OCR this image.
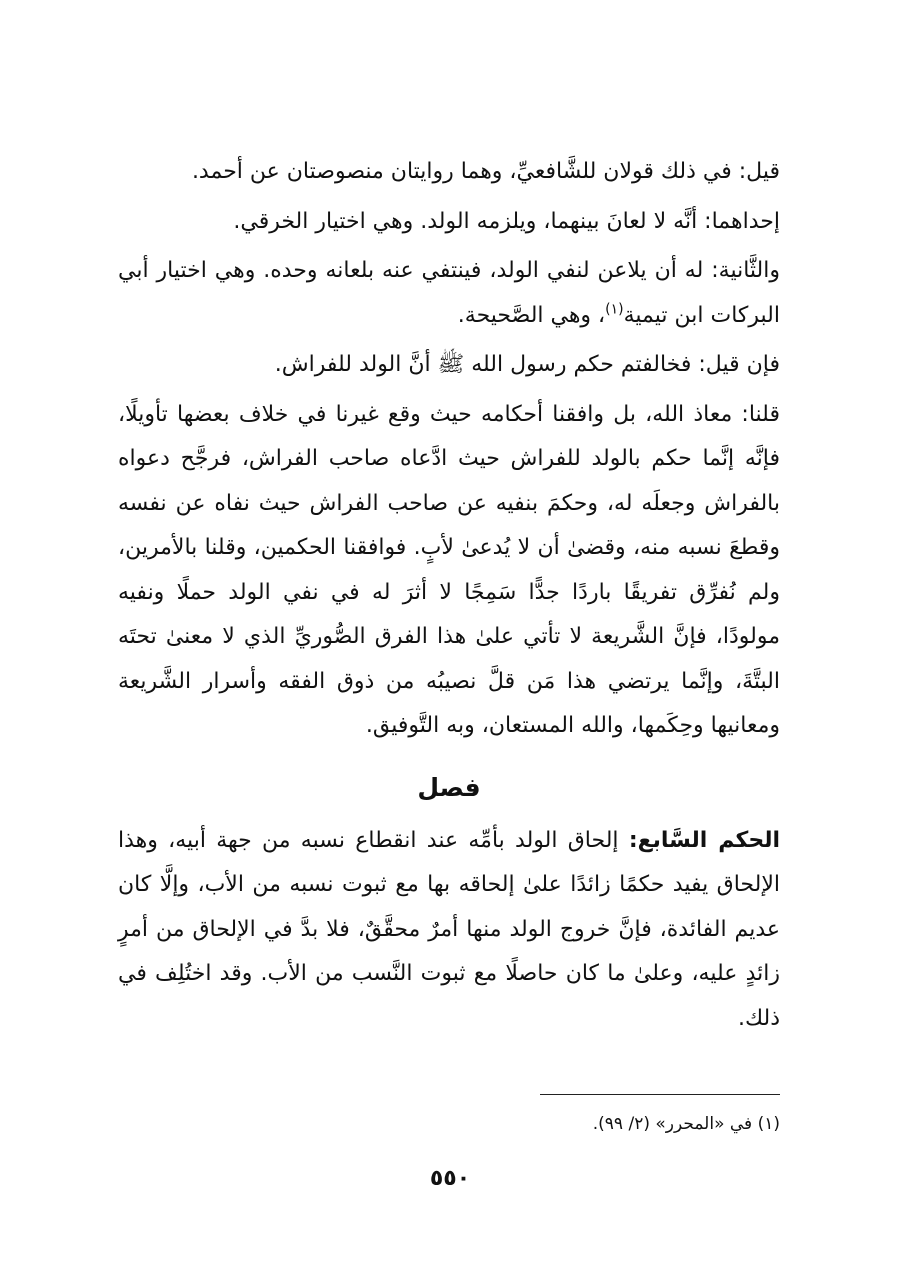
قيل: في ذلك قولان للشَّافعيِّ، وهما روايتان منصوصتان عن أحمد.

إحداهما: أنَّه لا لعانَ بينهما، ويلزمه الولد. وهي اختيار الخرقي.

والثَّانية: له أن يلاعن لنفي الولد، فينتفي عنه بلعانه وحده. وهي اختيار أبي البركات ابن تيمية$^{(١)}$، وهي الصَّحيحة.

فإن قيل: فخالفتم حكم رسول الله ﷺ أنَّ الولد للفراش.

قلنا: معاذ الله، بل وافقنا أحكامه حيث وقع غيرنا في خلاف بعضها تأويلًا، فإنَّه إنَّما حكم بالولد للفراش حيث ادَّعاه صاحب الفراش، فرجَّح دعواه بالفراش وجعلَه له، وحكمَ بنفيه عن صاحب الفراش حيث نفاه عن نفسه وقطعَ نسبه منه، وقضىٰ أن لا يُدعىٰ لأبٍ. فوافقنا الحكمين، وقلنا بالأمرين، ولم نُفرِّق تفريقًا باردًا جدًّا سَمِجًا لا أثرَ له في نفي الولد حملًا ونفيه مولودًا، فإنَّ الشَّريعة لا تأتي علىٰ هذا الفرق الصُّوريِّ الذي لا معنىٰ تحتَه البتَّةَ، وإنَّما يرتضي هذا مَن قلَّ نصيبُه من ذوق الفقه وأسرار الشَّريعة ومعانيها وحِكَمها، والله المستعان، وبه التَّوفيق.

فصل

الحكم السَّابع: إلحاق الولد بأمِّه عند انقطاع نسبه من جهة أبيه، وهذا الإلحاق يفيد حكمًا زائدًا علىٰ إلحاقه بها مع ثبوت نسبه من الأب، وإلَّا كان عديم الفائدة، فإنَّ خروج الولد منها أمرٌ محقَّقٌ، فلا بدَّ في الإلحاق من أمرٍ زائدٍ عليه، وعلىٰ ما كان حاصلًا مع ثبوت النَّسب من الأب. وقد اختُلِف في ذلك.

(١) في «المحرر» (٢/ ٩٩).
٥٥٠
